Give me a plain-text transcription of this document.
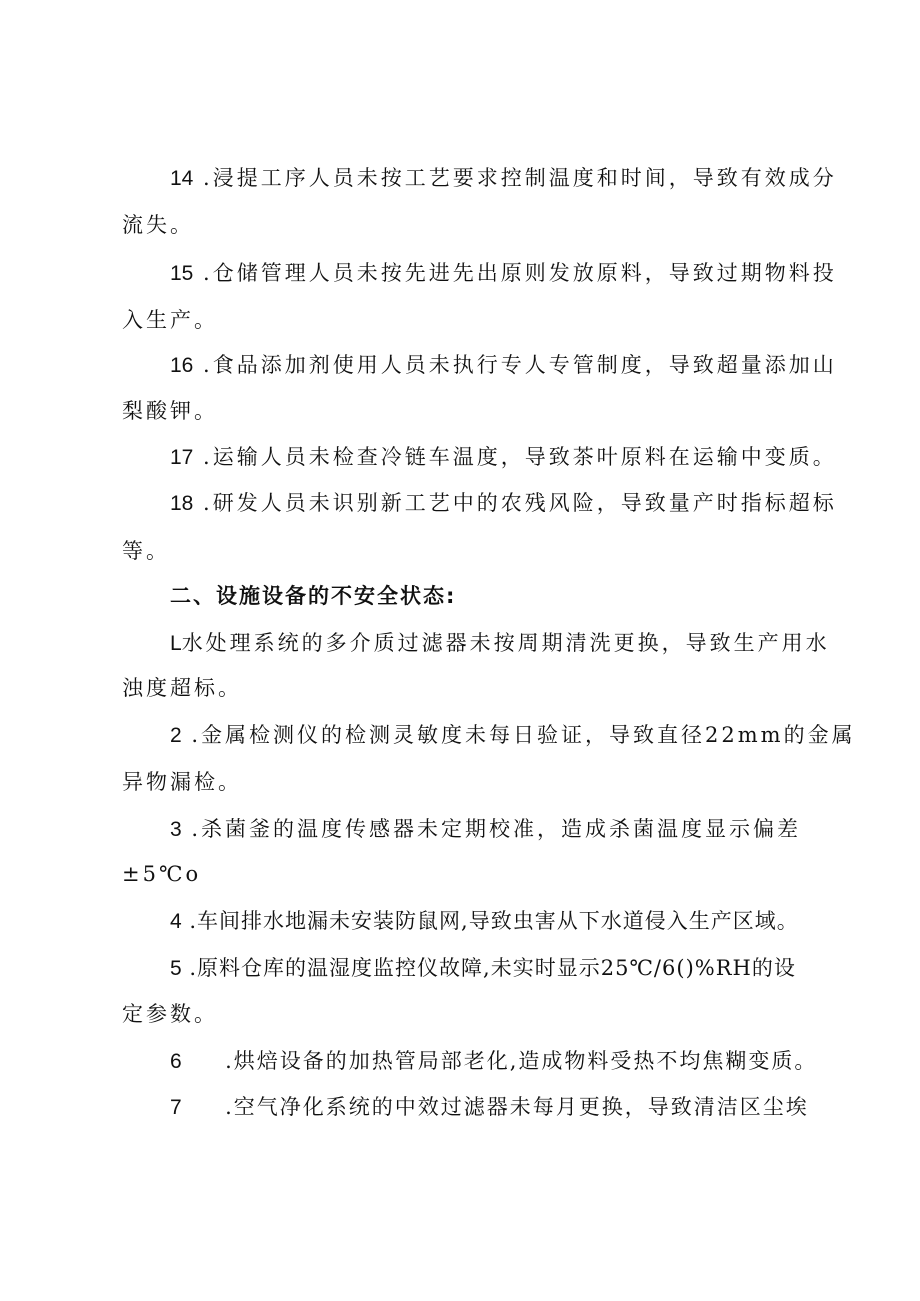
14 .浸提工序人员未按工艺要求控制温度和时间，导致有效成分
流失。
15 .仓储管理人员未按先进先出原则发放原料，导致过期物料投
入生产。
16 .食品添加剂使用人员未执行专人专管制度，导致超量添加山
梨酸钾。
17 .运输人员未检查冷链车温度，导致茶叶原料在运输中变质。
18 .研发人员未识别新工艺中的农残风险，导致量产时指标超标
等。
二、设施设备的不安全状态:
L水处理系统的多介质过滤器未按周期清洗更换，导致生产用水
浊度超标。
2 .金属检测仪的检测灵敏度未每日验证，导致直径22mm的金属
异物漏检。
3 .杀菌釜的温度传感器未定期校准，造成杀菌温度显示偏差
±5℃o
4 .车间排水地漏未安装防鼠网,导致虫害从下水道侵入生产区域。
5 .原料仓库的温湿度监控仪故障,未实时显示25℃/6()%RH的设
定参数。
6 .烘焙设备的加热管局部老化,造成物料受热不均焦糊变质。
7 .空气净化系统的中效过滤器未每月更换，导致清洁区尘埃
